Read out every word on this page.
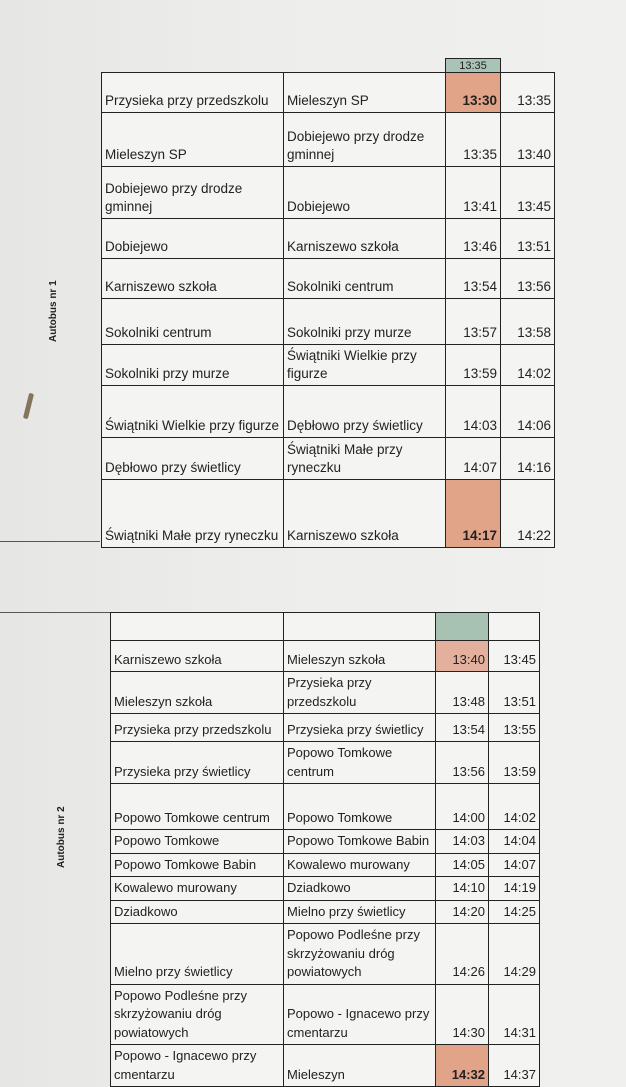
Autobus nr 1
Autobus nr 2
13:35
Przysieka przy przedszkolu	Mieleszyn SP	13:30	13:35
Mieleszyn SP	Dobiejewo przy drodze gminnej	13:35	13:40
Dobiejewo przy drodze gminnej	Dobiejewo	13:41	13:45
Dobiejewo	Karniszewo szkoła	13:46	13:51
Karniszewo szkoła	Sokolniki centrum	13:54	13:56
Sokolniki centrum	Sokolniki przy murze	13:57	13:58
Sokolniki przy murze	Świątniki Wielkie przy figurze	13:59	14:02
Świątniki Wielkie przy figurze	Dębłowo przy świetlicy	14:03	14:06
Dębłowo przy świetlicy	Świątniki Małe przy ryneczku	14:07	14:16
Świątniki Małe przy ryneczku	Karniszewo szkoła	14:17	14:22

Karniszewo szkoła	Mieleszyn szkoła	13:40	13:45
Mieleszyn szkoła	Przysieka przy przedszkolu	13:48	13:51
Przysieka przy przedszkolu	Przysieka przy świetlicy	13:54	13:55
Przysieka przy świetlicy	Popowo Tomkowe centrum	13:56	13:59
Popowo Tomkowe centrum	Popowo Tomkowe	14:00	14:02
Popowo Tomkowe	Popowo Tomkowe Babin	14:03	14:04
Popowo Tomkowe Babin	Kowalewo murowany	14:05	14:07
Kowalewo murowany	Dziadkowo	14:10	14:19
Dziadkowo	Mielno przy świetlicy	14:20	14:25
Mielno przy świetlicy	Popowo Podleśne przy skrzyżowaniu dróg powiatowych	14:26	14:29
Popowo Podleśne przy skrzyżowaniu dróg powiatowych	Popowo - Ignacewo przy cmentarzu	14:30	14:31
Popowo - Ignacewo przy cmentarzu	Mieleszyn	14:32	14:37
